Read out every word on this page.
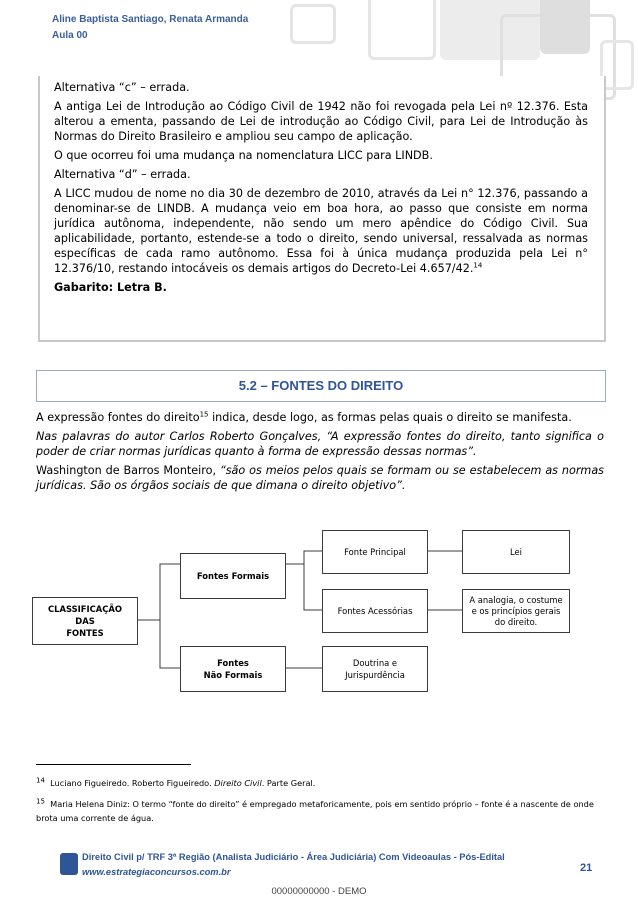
Aline Baptista Santiago, Renata Armanda
Aula 00

Alternativa “c” – errada.

A antiga Lei de Introdução ao Código Civil de 1942 não foi revogada pela Lei nº 12.376. Esta alterou a ementa, passando de Lei de introdução ao Código Civil, para Lei de Introdução às Normas do Direito Brasileiro e ampliou seu campo de aplicação.

O que ocorreu foi uma mudança na nomenclatura LICC para LINDB.

Alternativa “d” – errada.

A LICC mudou de nome no dia 30 de dezembro de 2010, através da Lei n° 12.376, passando a denominar-se de LINDB. A mudança veio em boa hora, ao passo que consiste em norma jurídica autônoma, independente, não sendo um mero apêndice do Código Civil. Sua aplicabilidade, portanto, estende-se a todo o direito, sendo universal, ressalvada as normas específicas de cada ramo autônomo. Essa foi à única mudança produzida pela Lei n° 12.376/10, restando intocáveis os demais artigos do Decreto-Lei 4.657/42.14

Gabarito: Letra B.

5.2 – FONTES DO DIREITO

A expressão fontes do direito$^{15}$ indica, desde logo, as formas pelas quais o direito se manifesta.

Nas palavras do autor Carlos Roberto Gonçalves, “A expressão fontes do direito, tanto significa o poder de criar normas jurídicas quanto à forma de expressão dessas normas”.

Washington de Barros Monteiro, “são os meios pelos quais se formam ou se estabelecem as normas jurídicas. São os órgãos sociais de que dimana o direito objetivo”.

CLASSIFICAÇÃO
DAS
FONTES
Fontes Formais
Fontes
Não Formais
Fonte Principal
Fontes Acessórias
Doutrina e
Jurispurdência
Lei
A analogia, o costume
e os princípios gerais
do direito.
$^{14}$ Luciano Figueiredo. Roberto Figueiredo. Direito Civil. Parte Geral.
$^{15}$ Maria Helena Diniz: O termo “fonte do direito” é empregado metaforicamente, pois em sentido próprio – fonte é a nascente de onde brota uma corrente de água.
Direito Civil p/ TRF 3ª Região (Analista Judiciário - Área Judiciária) Com Videoaulas - Pós-Edital
www.estrategiaconcursos.com.br	21
00000000000 - DEMO
